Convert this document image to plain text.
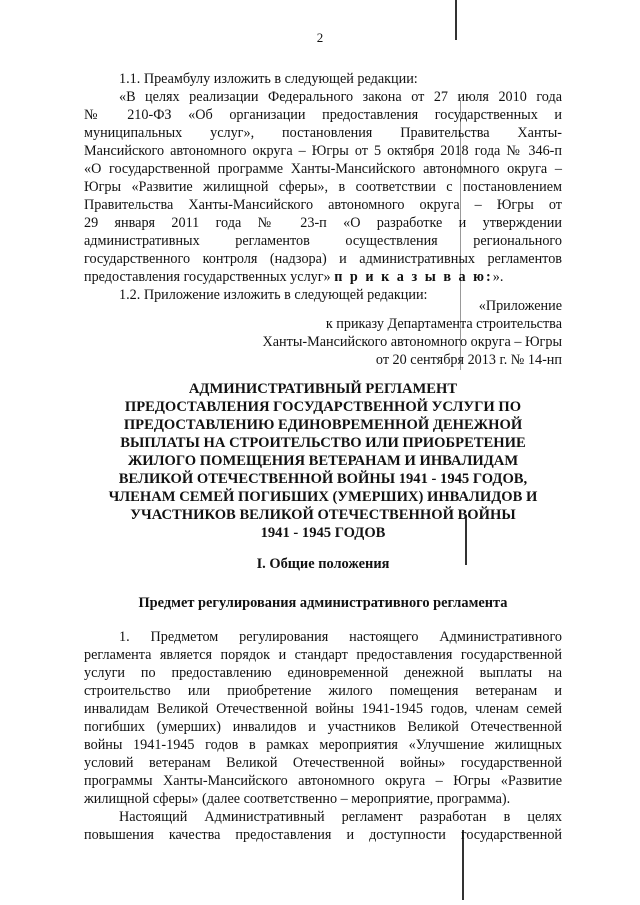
2
1.1. Преамбулу изложить в следующей редакции:
«В целях реализации Федерального закона от 27 июля 2010 года
№ 210-ФЗ «Об организации предоставления государственных и
муниципальных услуг», постановления Правительства Ханты-
Мансийского автономного округа – Югры от 5 октября 2018 года № 346-п
«О государственной программе Ханты-Мансийского автономного округа –
Югры «Развитие жилищной сферы», в соответствии с постановлением
Правительства Ханты-Мансийского автономного округа – Югры от
29 января 2011 года № 23-п «О разработке и утверждении
административных регламентов осуществления регионального
государственного контроля (надзора) и административных регламентов
предоставления государственных услуг» п р и к а з ы в а ю:».
1.2. Приложение изложить в следующей редакции:
«Приложение
к приказу Департамента строительства
Ханты-Мансийского автономного округа – Югры
от 20 сентября 2013 г. № 14-нп
АДМИНИСТРАТИВНЫЙ РЕГЛАМЕНТ
ПРЕДОСТАВЛЕНИЯ ГОСУДАРСТВЕННОЙ УСЛУГИ ПО
ПРЕДОСТАВЛЕНИЮ ЕДИНОВРЕМЕННОЙ ДЕНЕЖНОЙ
ВЫПЛАТЫ НА СТРОИТЕЛЬСТВО ИЛИ ПРИОБРЕТЕНИЕ
ЖИЛОГО ПОМЕЩЕНИЯ ВЕТЕРАНАМ И ИНВАЛИДАМ
ВЕЛИКОЙ ОТЕЧЕСТВЕННОЙ ВОЙНЫ 1941 - 1945 ГОДОВ,
ЧЛЕНАМ СЕМЕЙ ПОГИБШИХ (УМЕРШИХ) ИНВАЛИДОВ И
УЧАСТНИКОВ ВЕЛИКОЙ ОТЕЧЕСТВЕННОЙ ВОЙНЫ
1941 - 1945 ГОДОВ
I. Общие положения
Предмет регулирования административного регламента
1. Предметом регулирования настоящего Административного
регламента является порядок и стандарт предоставления государственной
услуги по предоставлению единовременной денежной выплаты на
строительство или приобретение жилого помещения ветеранам и
инвалидам Великой Отечественной войны 1941-1945 годов, членам семей
погибших (умерших) инвалидов и участников Великой Отечественной
войны 1941-1945 годов в рамках мероприятия «Улучшение жилищных
условий ветеранам Великой Отечественной войны» государственной
программы Ханты-Мансийского автономного округа – Югры «Развитие
жилищной сферы» (далее соответственно – мероприятие, программа).
Настоящий Административный регламент разработан в целях
повышения качества предоставления и доступности государственной
